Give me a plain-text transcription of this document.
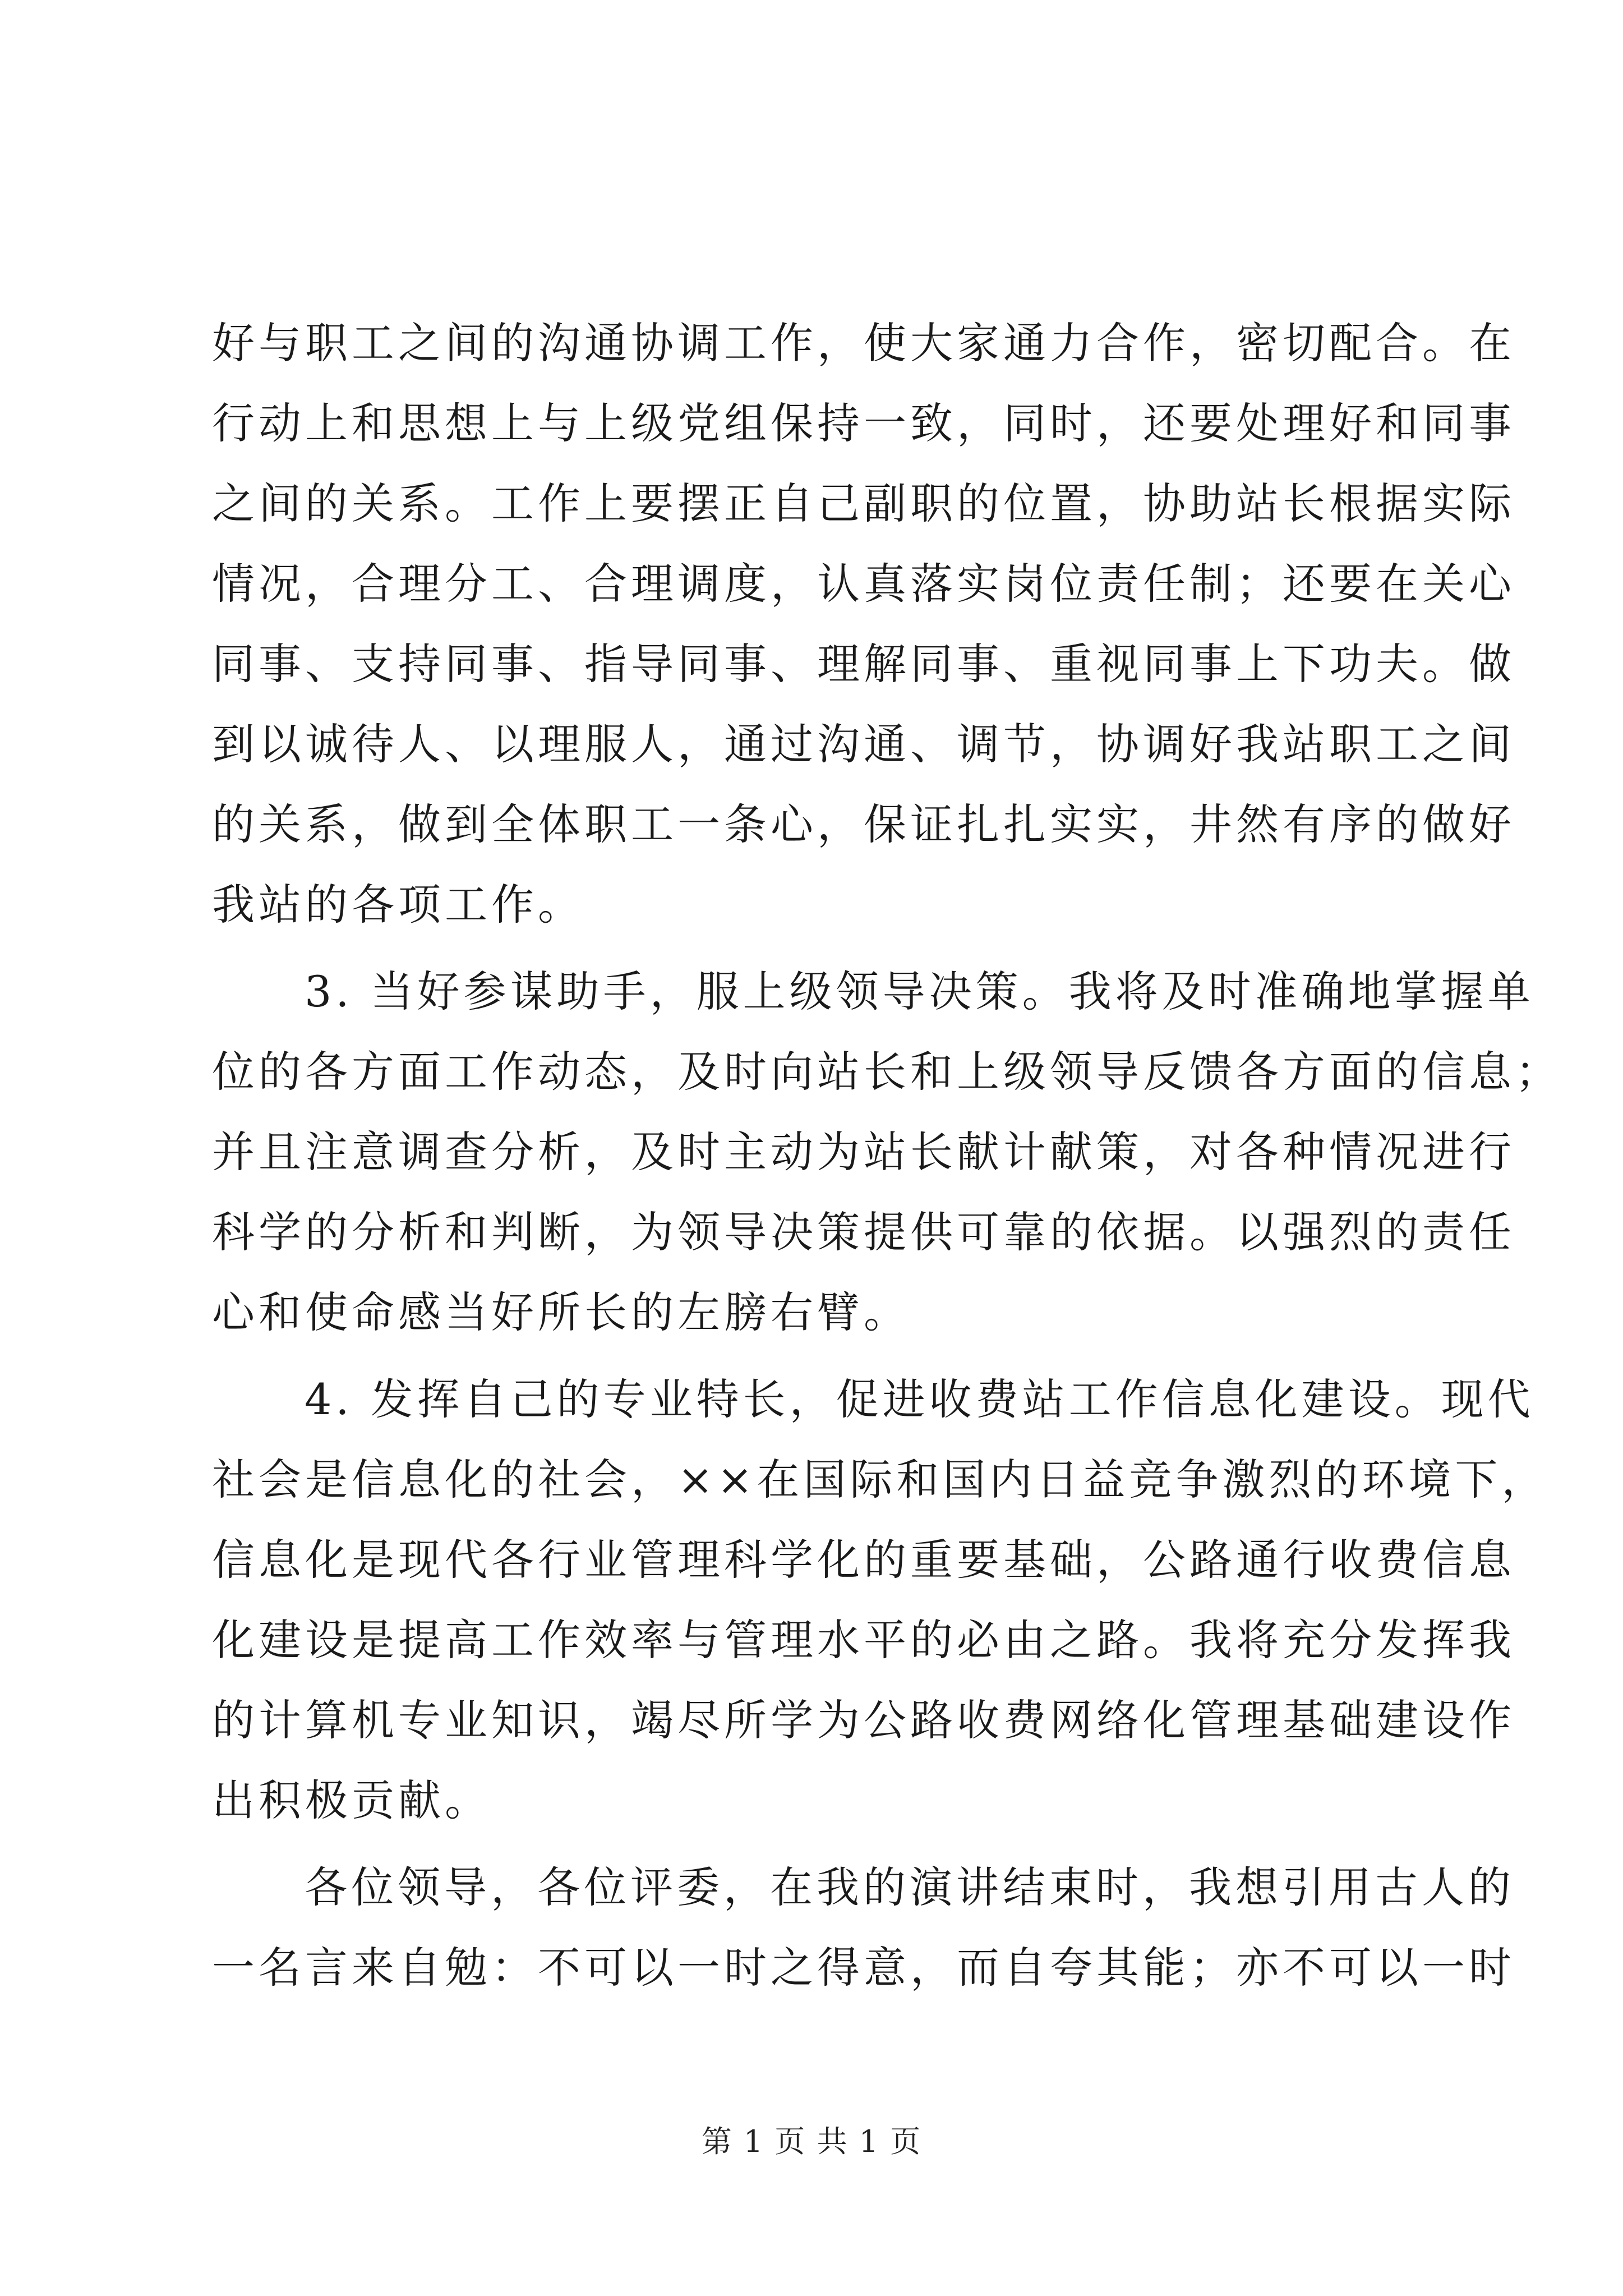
好与职工之间的沟通协调工作，使大家通力合作，密切配合。在
行动上和思想上与上级党组保持一致，同时，还要处理好和同事
之间的关系。工作上要摆正自己副职的位置，协助站长根据实际
情况，合理分工、合理调度，认真落实岗位责任制；还要在关心
同事、支持同事、指导同事、理解同事、重视同事上下功夫。做
到以诚待人、以理服人，通过沟通、调节，协调好我站职工之间
的关系，做到全体职工一条心，保证扎扎实实，井然有序的做好
我站的各项工作。
3. 当好参谋助手，服上级领导决策。我将及时准确地掌握单
位的各方面工作动态，及时向站长和上级领导反馈各方面的信息；
并且注意调查分析，及时主动为站长献计献策，对各种情况进行
科学的分析和判断，为领导决策提供可靠的依据。以强烈的责任
心和使命感当好所长的左膀右臂。
4. 发挥自己的专业特长，促进收费站工作信息化建设。现代
社会是信息化的社会，××在国际和国内日益竞争激烈的环境下，
信息化是现代各行业管理科学化的重要基础，公路通行收费信息
化建设是提高工作效率与管理水平的必由之路。我将充分发挥我
的计算机专业知识，竭尽所学为公路收费网络化管理基础建设作
出积极贡献。
各位领导，各位评委，在我的演讲结束时，我想引用古人的
一名言来自勉：不可以一时之得意，而自夸其能；亦不可以一时
第 1 页 共 1 页
